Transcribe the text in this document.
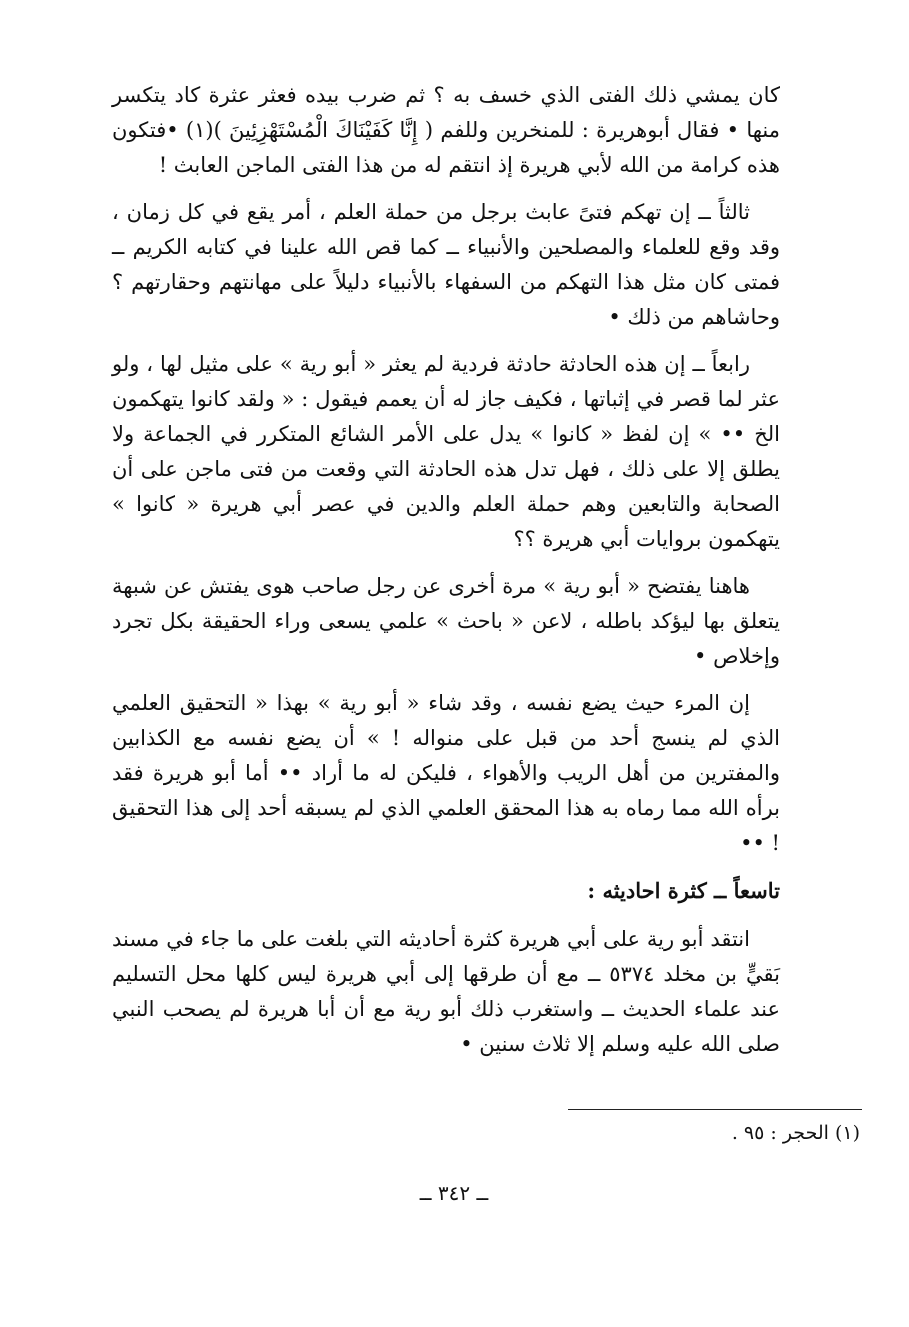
كان يمشي ذلك الفتى الذي خسف به ؟ ثم ضرب بيده فعثر عثرة كاد يتكسر منها • فقال أبوهريرة : للمنخرين وللفم ( إِنَّا كَفَيْنَاكَ الْمُسْتَهْزِئِينَ )(١) •فتكون هذه كرامة من الله لأبي هريرة إذ انتقم له من هذا الفتى الماجن العابث !

ثالثاً ــ إن تهكم فتىً عابث برجل من حملة العلم ، أمر يقع في كل زمان ، وقد وقع للعلماء والمصلحين والأنبياء ــ كما قص الله علينا في كتابه الكريم ــ فمتى كان مثل هذا التهكم من السفهاء بالأنبياء دليلاً على مهانتهم وحقارتهم ؟ وحاشاهم من ذلك •

رابعاً ــ إن هذه الحادثة حادثة فردية لم يعثر « أبو رية » على مثيل لها ، ولو عثر لما قصر في إثباتها ، فكيف جاز له أن يعمم فيقول : « ولقد كانوا يتهكمون الخ •• » إن لفظ « كانوا » يدل على الأمر الشائع المتكرر في الجماعة ولا يطلق إلا على ذلك ، فهل تدل هذه الحادثة التي وقعت من فتى ماجن على أن الصحابة والتابعين وهم حملة العلم والدين في عصر أبي هريرة « كانوا » يتهكمون بروايات أبي هريرة ؟؟

هاهنا يفتضح « أبو رية » مرة أخرى عن رجل صاحب هوى يفتش عن شبهة يتعلق بها ليؤكد باطله ، لاعن « باحث » علمي يسعى وراء الحقيقة بكل تجرد وإخلاص •

إن المرء حيث يضع نفسه ، وقد شاء « أبو رية » بهذا « التحقيق العلمي الذي لم ينسج أحد من قبل على منواله ! » أن يضع نفسه مع الكذابين والمفترين من أهل الريب والأهواء ، فليكن له ما أراد •• أما أبو هريرة فقد برأه الله مما رماه به هذا المحقق العلمي الذي لم يسبقه أحد إلى هذا التحقيق ! ••

تاسعاً ــ كثرة احاديثه :

انتقد أبو رية على أبي هريرة كثرة أحاديثه التي بلغت على ما جاء في مسند بَقيٍّ بن مخلد ٥٣٧٤ ــ مع أن طرقها إلى أبي هريرة ليس كلها محل التسليم عند علماء الحديث ــ واستغرب ذلك أبو رية مع أن أبا هريرة لم يصحب النبي صلى الله عليه وسلم إلا ثلاث سنين •

(١) الحجر : ٩٥ .
ــ ٣٤٢ ــ
